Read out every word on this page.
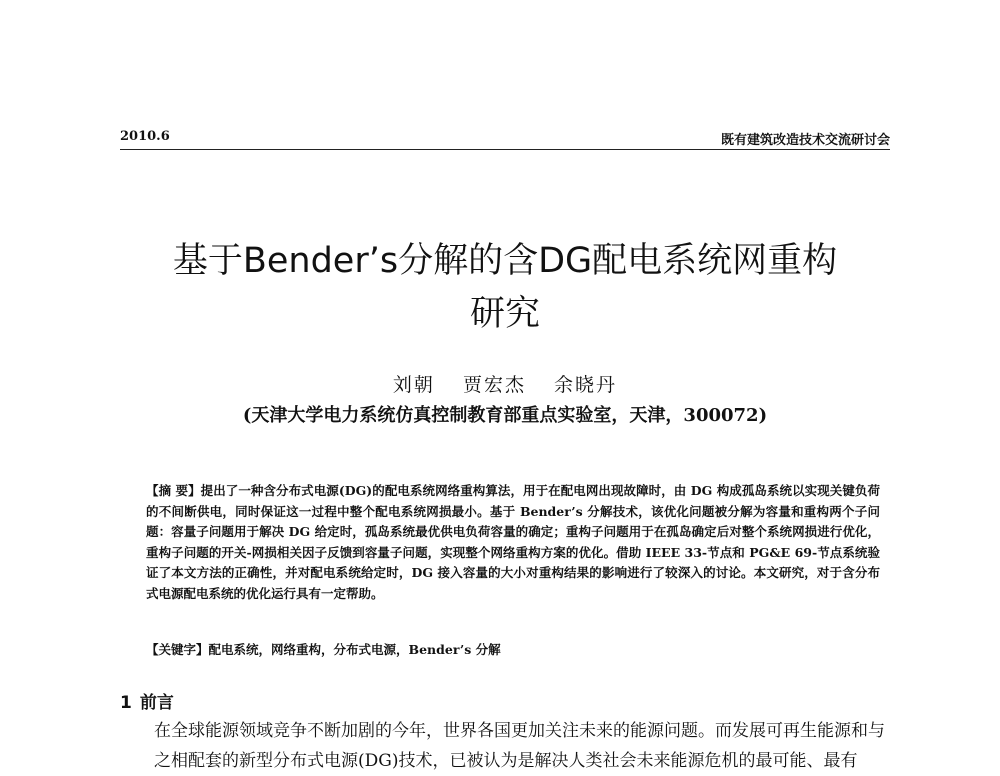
2010.6	既有建筑改造技术交流研讨会
基于Bender’s分解的含DG配电系统网重构
研究
刘朝 贾宏杰 余晓丹
(天津大学电力系统仿真控制教育部重点实验室，天津，300072)
【摘 要】提出了一种含分布式电源(DG)的配电系统网络重构算法，用于在配电网出现故障时，由 DG 构成孤岛系统以实现关键负荷的不间断供电，同时保证这一过程中整个配电系统网损最小。基于 Bender’s 分解技术，该优化问题被分解为容量和重构两个子问题：容量子问题用于解决 DG 给定时，孤岛系统最优供电负荷容量的确定；重构子问题用于在孤岛确定后对整个系统网损进行优化，重构子问题的开关-网损相关因子反馈到容量子问题，实现整个网络重构方案的优化。借助 IEEE 33-节点和 PG&E 69-节点系统验证了本文方法的正确性，并对配电系统给定时，DG 接入容量的大小对重构结果的影响进行了较深入的讨论。本文研究，对于含分布式电源配电系统的优化运行具有一定帮助。
【关键字】配电系统，网络重构，分布式电源，Bender’s 分解
1 前言
在全球能源领域竞争不断加剧的今年，世界各国更加关注未来的能源问题。而发展可再生能源和与之相配套的新型分布式电源(DG)技术，已被认为是解决人类社会未来能源危机的最可能、最有
